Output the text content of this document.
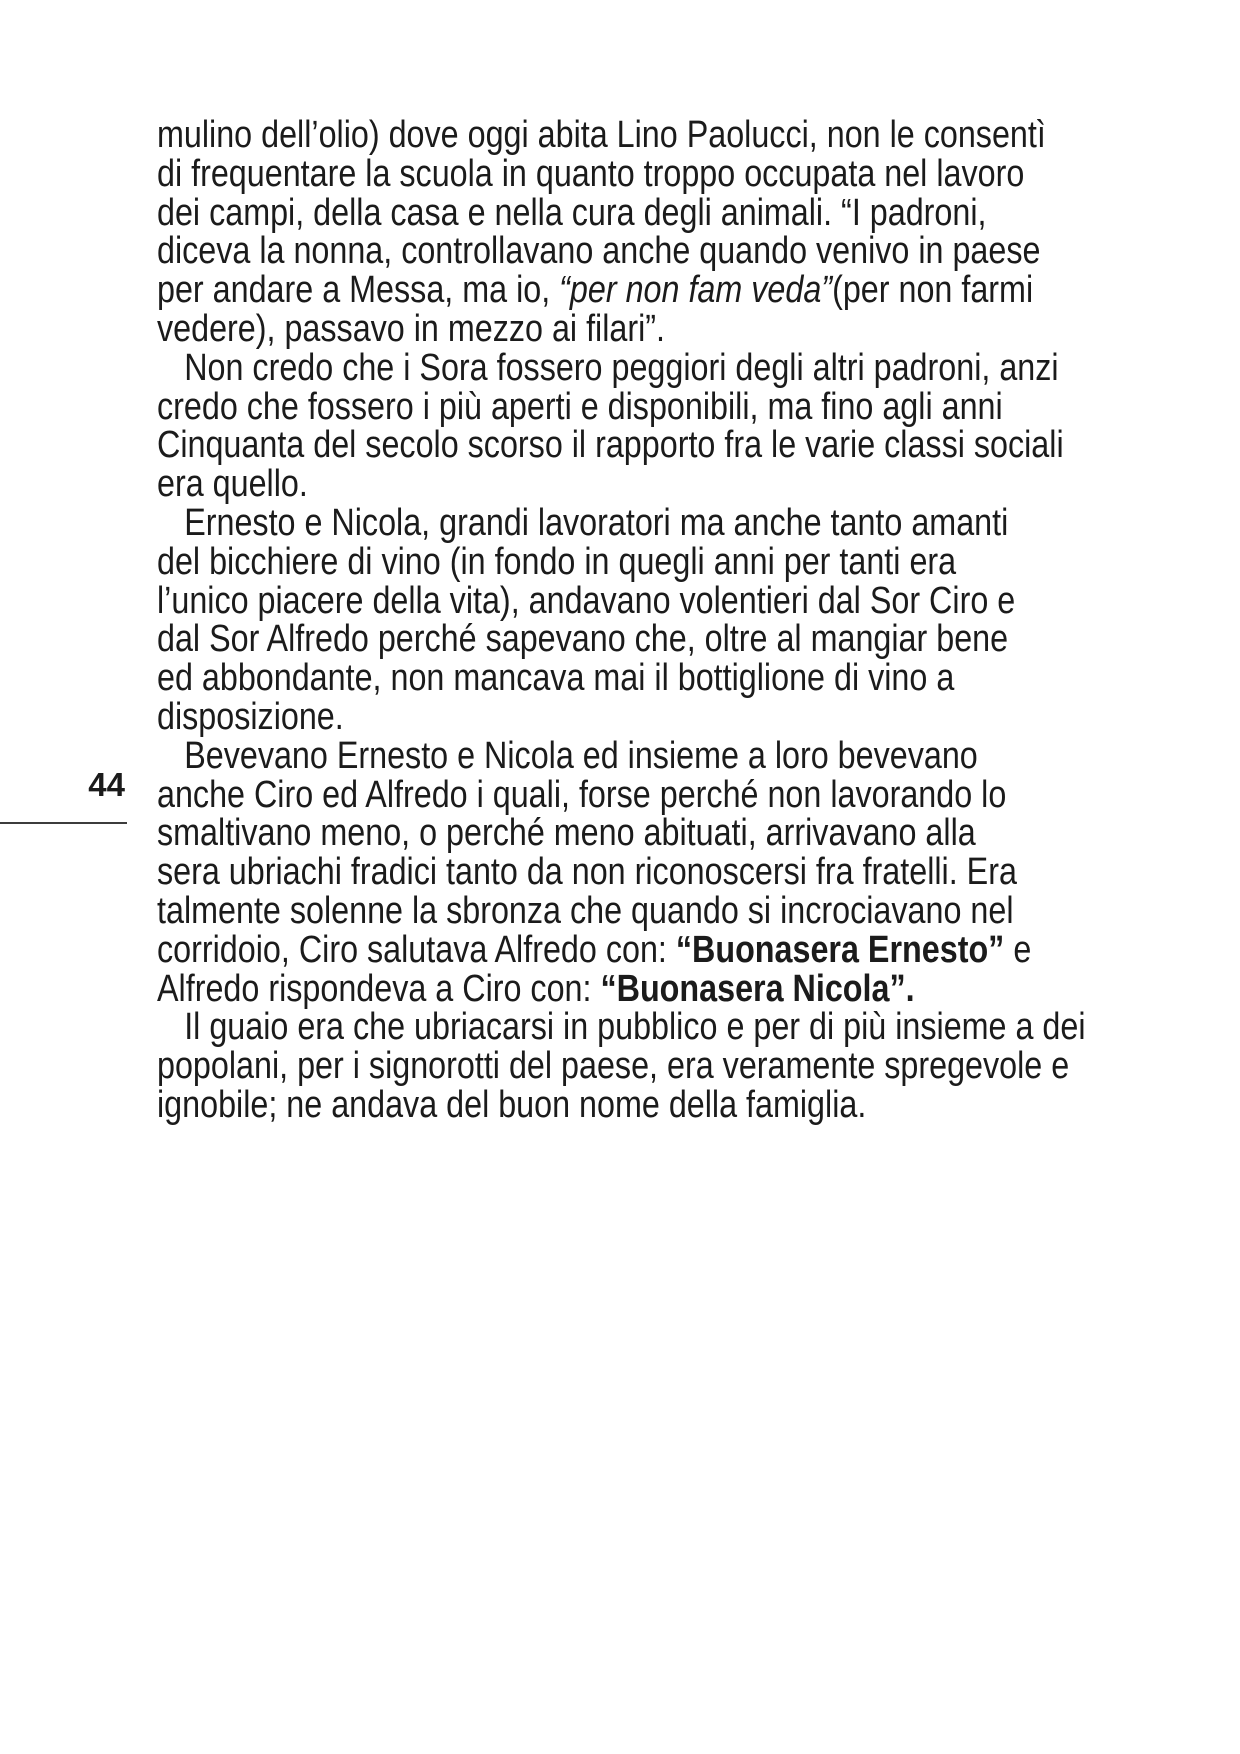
44
mulino dell’olio) dove oggi abita Lino Paolucci, non le consentì
di frequentare la scuola in quanto troppo occupata nel lavoro
dei campi, della casa e nella cura degli animali. “I padroni,
diceva la nonna, controllavano anche quando venivo in paese
per andare a Messa, ma io, “per non fam veda”(per non farmi
vedere), passavo in mezzo ai filari”.
Non credo che i Sora fossero peggiori degli altri padroni, anzi
credo che fossero i più aperti e disponibili, ma fino agli anni
Cinquanta del secolo scorso il rapporto fra le varie classi sociali
era quello.
Ernesto e Nicola, grandi lavoratori ma anche tanto amanti
del bicchiere di vino (in fondo in quegli anni per tanti era
l’unico piacere della vita), andavano volentieri dal Sor Ciro e
dal Sor Alfredo perché sapevano che, oltre al mangiar bene
ed abbondante, non mancava mai il bottiglione di vino a
disposizione.
Bevevano Ernesto e Nicola ed insieme a loro bevevano
anche Ciro ed Alfredo i quali, forse perché non lavorando lo
smaltivano meno, o perché meno abituati, arrivavano alla
sera ubriachi fradici tanto da non riconoscersi fra fratelli. Era
talmente solenne la sbronza che quando si incrociavano nel
corridoio, Ciro salutava Alfredo con: “Buonasera Ernesto” e
Alfredo rispondeva a Ciro con: “Buonasera Nicola”.
Il guaio era che ubriacarsi in pubblico e per di più insieme a dei
popolani, per i signorotti del paese, era veramente spregevole e
ignobile; ne andava del buon nome della famiglia.
